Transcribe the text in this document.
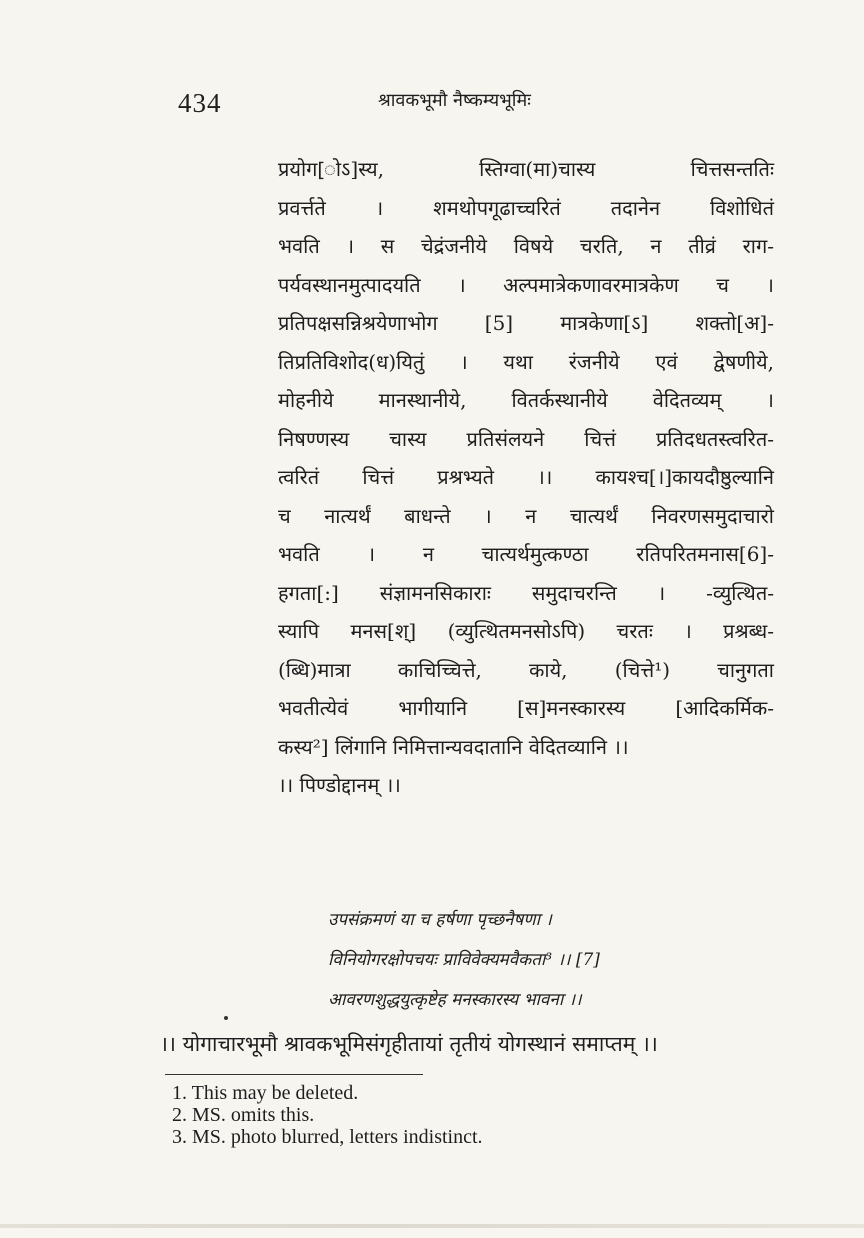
434	श्रावकभूमौ नैष्कम्यभूमिः
प्रयोग[ोऽ]स्य, स्तिग्वा(मा)चास्य चित्तसन्ततिः
प्रवर्त्तते । शमथोपगूढाच्चरितं तदानेन विशोधितं
भवति । स चेद्रंजनीये विषये चरति, न तीव्रं राग-
पर्यवस्थानमुत्पादयति । अल्पमात्रेकणावरमात्रकेण च ।
प्रतिपक्षसन्निश्रयेणाभोग [5] मात्रकेणा[ऽ] शक्तो[अ]-
तिप्रतिविशोद(ध)यितुं । यथा रंजनीये एवं द्वेषणीये,
मोहनीये मानस्थानीये, वितर्कस्थानीये वेदितव्यम् ।
निषण्णस्य चास्य प्रतिसंलयने चित्तं प्रतिदधतस्त्वरित-
त्वरितं चित्तं प्रश्रभ्यते ।। कायश्च[।]कायदौष्ठुल्यानि
च नात्यर्थं बाधन्ते । न चात्यर्थं निवरणसमुदाचारो
भवति । न चात्यर्थमुत्कण्ठा रतिपरितमनास[6]-
हगता[:] संज्ञामनसिकाराः समुदाचरन्ति । -व्युत्थित-
स्यापि मनस[श्] (व्युत्थितमनसोऽपि) चरतः । प्रश्रब्ध-
(ब्धि)मात्रा काचिच्चित्ते, काये, (चित्ते¹) चानुगता
भवतीत्येवं भागीयानि [स]मनस्कारस्य [आदिकर्मिक-
कस्य²] लिंगानि निमित्तान्यवदातानि वेदितव्यानि ।।
।। पिण्डोद्दानम् ।।
उपसंक्रमणं या च हर्षणा पृच्छनैषणा ।
विनियोगरक्षोपचयः प्राविवेक्यमवैकता³ ।। [7]
आवरणशुद्धयुत्कृष्टेह मनस्कारस्य भावना ।।
।। योगाचारभूमौ श्रावकभूमिसंगृहीतायां तृतीयं योगस्थानं समाप्तम् ।।
1. This may be deleted.
2. MS. omits this.
3. MS. photo blurred, letters indistinct.
